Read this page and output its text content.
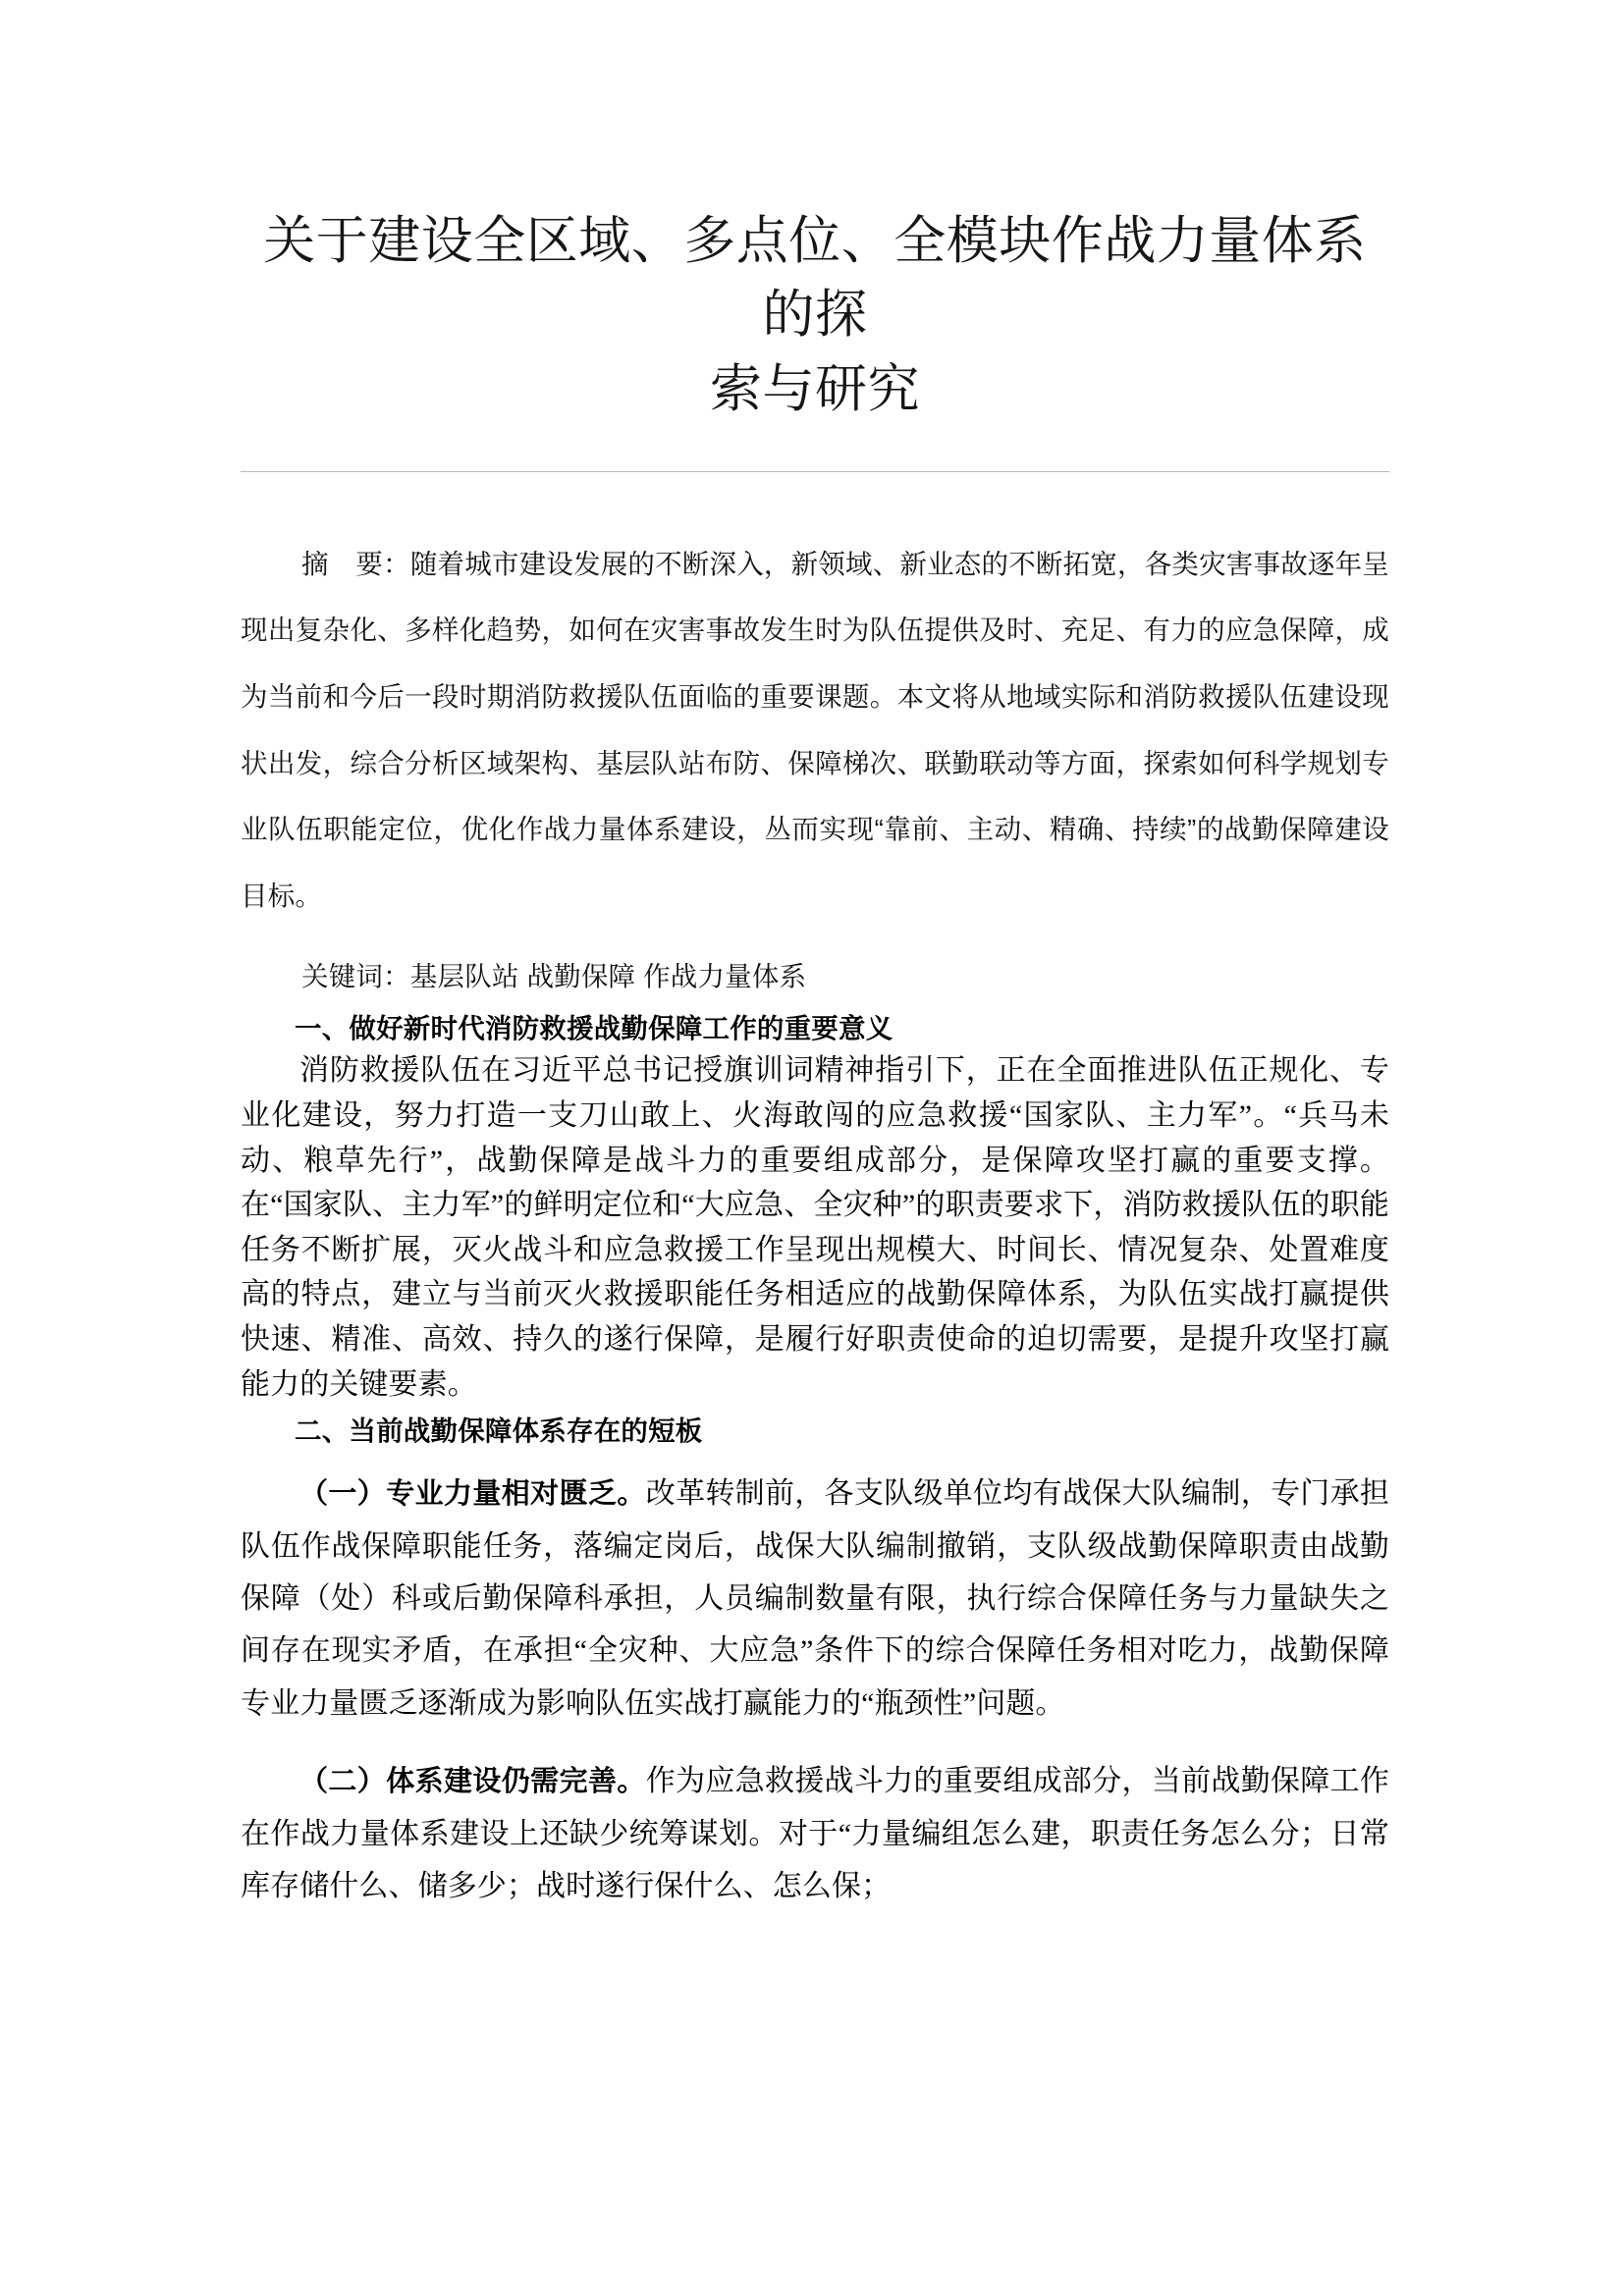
关于建设全区域、多点位、全模块作战力量体系的探
索与研究

摘　要：随着城市建设发展的不断深入，新领域、新业态的不断拓宽，各类灾害事故逐年呈现出复杂化、多样化趋势，如何在灾害事故发生时为队伍提供及时、充足、有力的应急保障，成为当前和今后一段时期消防救援队伍面临的重要课题。本文将从地域实际和消防救援队伍建设现状出发，综合分析区域架构、基层队站布防、保障梯次、联勤联动等方面，探索如何科学规划专业队伍职能定位，优化作战力量体系建设，丛而实现“靠前、主动、精确、持续”的战勤保障建设目标。

关键词：基层队站 战勤保障 作战力量体系

一、做好新时代消防救援战勤保障工作的重要意义

消防救援队伍在习近平总书记授旗训词精神指引下，正在全面推进队伍正规化、专业化建设，努力打造一支刀山敢上、火海敢闯的应急救援“国家队、主力军”。“兵马未动、粮草先行”，战勤保障是战斗力的重要组成部分，是保障攻坚打赢的重要支撑。在“国家队、主力军”的鲜明定位和“大应急、全灾种”的职责要求下，消防救援队伍的职能任务不断扩展，灭火战斗和应急救援工作呈现出规模大、时间长、情况复杂、处置难度高的特点，建立与当前灭火救援职能任务相适应的战勤保障体系，为队伍实战打赢提供快速、精准、高效、持久的遂行保障，是履行好职责使命的迫切需要，是提升攻坚打赢能力的关键要素。

二、当前战勤保障体系存在的短板

（一）专业力量相对匮乏。改革转制前，各支队级单位均有战保大队编制，专门承担队伍作战保障职能任务，落编定岗后，战保大队编制撤销，支队级战勤保障职责由战勤保障（处）科或后勤保障科承担，人员编制数量有限，执行综合保障任务与力量缺失之间存在现实矛盾，在承担“全灾种、大应急”条件下的综合保障任务相对吃力，战勤保障专业力量匮乏逐渐成为影响队伍实战打赢能力的“瓶颈性”问题。

（二）体系建设仍需完善。作为应急救援战斗力的重要组成部分，当前战勤保障工作在作战力量体系建设上还缺少统筹谋划。对于“力量编组怎么建，职责任务怎么分；日常库存储什么、储多少；战时遂行保什么、怎么保；
